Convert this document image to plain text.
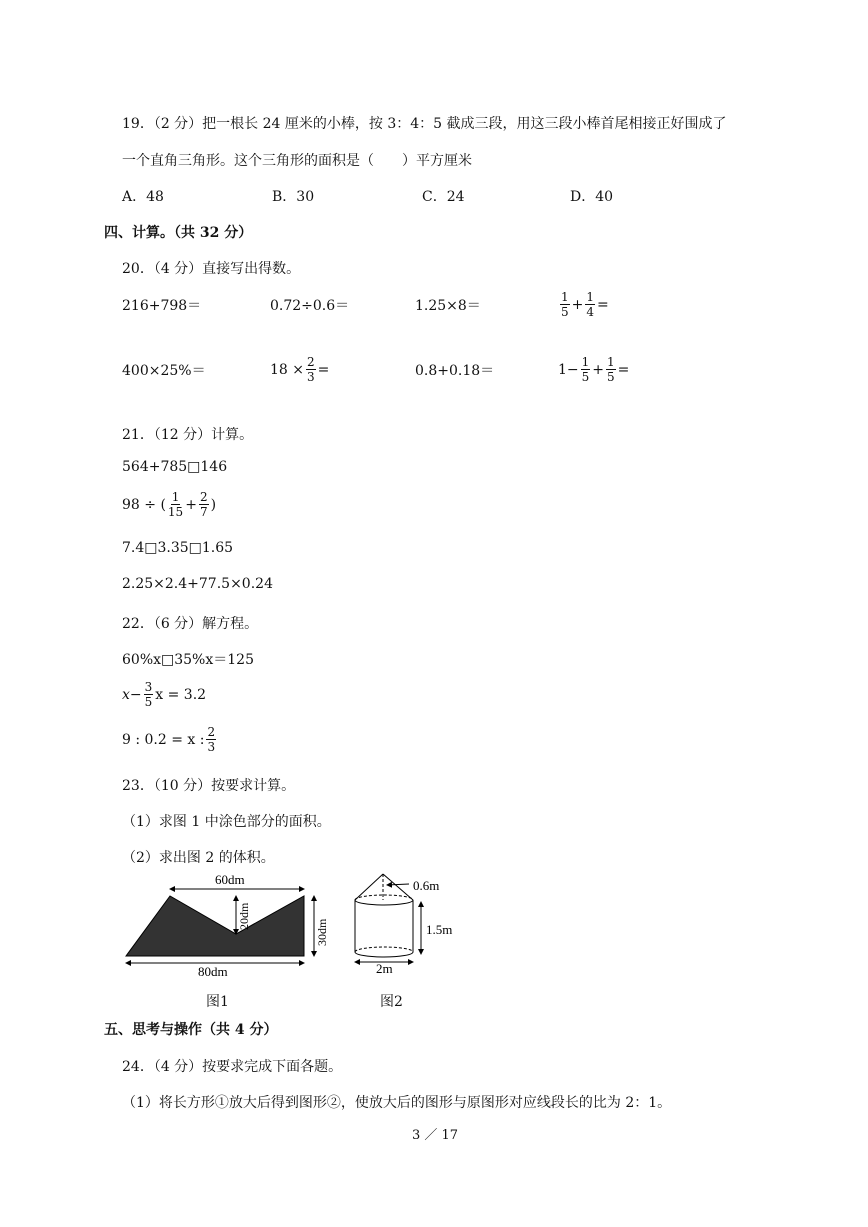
19．（2 分）把一根长 24 厘米的小棒，按 3：4：5 截成三段，用这三段小棒首尾相接正好围成了
一个直角三角形。这个三角形的面积是（　　）平方厘米
A．48	B．30	C．24	D．40
四、计算。（共 32 分）
20．（4 分）直接写出得数。
216+798＝	0.72÷0.6＝	1.25×8＝	$\frac{1}{5} + \frac{1}{4}$ =
400×25%＝	$18 \times \frac{2}{3}$ =	0.8+0.18＝	$1 - \frac{1}{5} + \frac{1}{5}$ =
21．（12 分）计算。
564+785□146
98 ÷ ( $\frac{1}{15} + \frac{2}{7}$ )
7.4□3.35□1.65
2.25×2.4+77.5×0.24
22．（6 分）解方程。
60%x□35%x＝125
$x- \frac{3}{5}$ x = 3.2
9 : 0.2 = x : $\frac{2}{3}$
23．（10 分）按要求计算。
（1）求图 1 中涂色部分的面积。
（2）求出图 2 的体积。
60dm
20dm
30dm
80dm
图1
0.6m
1.5m
2m
图2
五、思考与操作（共 4 分）
24．（4 分）按要求完成下面各题。
（1）将长方形①放大后得到图形②，使放大后的图形与原图形对应线段长的比为 2：1。
3 ／ 17
